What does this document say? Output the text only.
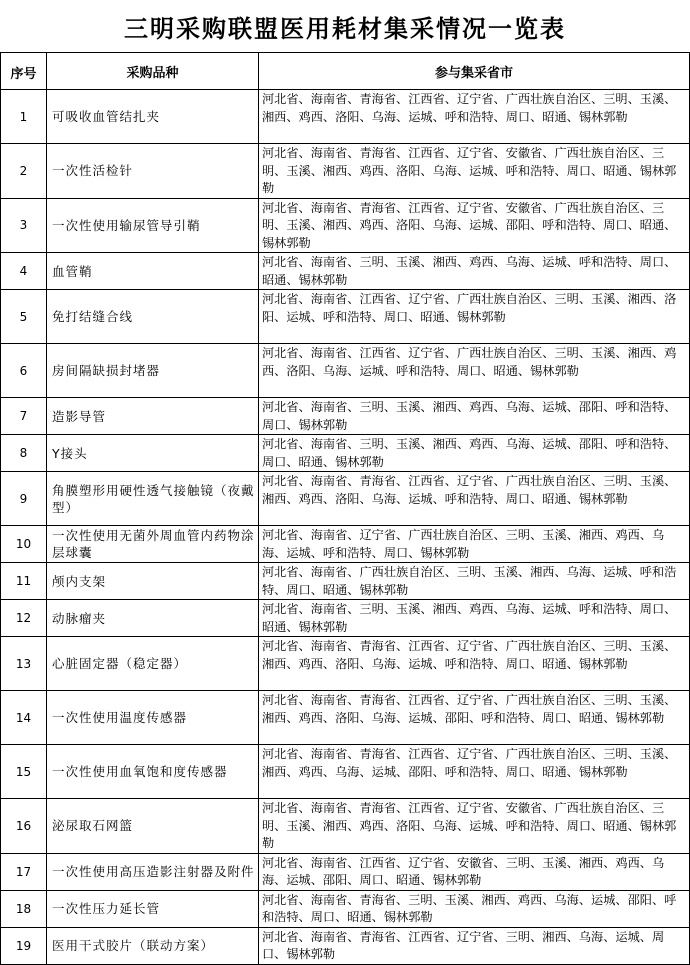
三明采购联盟医用耗材集采情况一览表
序号	采购品种	参与集采省市
1	可吸收血管结扎夹	河北省、海南省、青海省、江西省、辽宁省、广西壮族自治区、三明、玉溪、湘西、鸡西、洛阳、乌海、运城、呼和浩特、周口、昭通、锡林郭勒
2	一次性活检针	河北省、海南省、青海省、江西省、辽宁省、安徽省、广西壮族自治区、三明、玉溪、湘西、鸡西、洛阳、乌海、运城、呼和浩特、周口、昭通、锡林郭勒
3	一次性使用输尿管导引鞘	河北省、海南省、青海省、江西省、辽宁省、安徽省、广西壮族自治区、三明、玉溪、湘西、鸡西、洛阳、乌海、运城、邵阳、呼和浩特、周口、昭通、锡林郭勒
4	血管鞘	河北省、海南省、三明、玉溪、湘西、鸡西、乌海、运城、呼和浩特、周口、昭通、锡林郭勒
5	免打结缝合线	河北省、海南省、江西省、辽宁省、广西壮族自治区、三明、玉溪、湘西、洛阳、运城、呼和浩特、周口、昭通、锡林郭勒
6	房间隔缺损封堵器	河北省、海南省、江西省、辽宁省、广西壮族自治区、三明、玉溪、湘西、鸡西、洛阳、乌海、运城、呼和浩特、周口、昭通、锡林郭勒
7	造影导管	河北省、海南省、三明、玉溪、湘西、鸡西、乌海、运城、邵阳、呼和浩特、周口、锡林郭勒
8	Y接头	河北省、海南省、三明、玉溪、湘西、鸡西、乌海、运城、邵阳、呼和浩特、周口、昭通、锡林郭勒
9	角膜塑形用硬性透气接触镜（夜戴型）	河北省、海南省、青海省、江西省、辽宁省、广西壮族自治区、三明、玉溪、湘西、鸡西、洛阳、乌海、运城、呼和浩特、周口、昭通、锡林郭勒
10	一次性使用无菌外周血管内药物涂层球囊	河北省、海南省、辽宁省、广西壮族自治区、三明、玉溪、湘西、鸡西、乌海、运城、呼和浩特、周口、锡林郭勒
11	颅内支架	河北省、海南省、广西壮族自治区、三明、玉溪、湘西、乌海、运城、呼和浩特、周口、昭通、锡林郭勒
12	动脉瘤夹	河北省、海南省、三明、玉溪、湘西、鸡西、乌海、运城、呼和浩特、周口、昭通、锡林郭勒
13	心脏固定器（稳定器）	河北省、海南省、青海省、江西省、辽宁省、广西壮族自治区、三明、玉溪、湘西、鸡西、洛阳、乌海、运城、呼和浩特、周口、昭通、锡林郭勒
14	一次性使用温度传感器	河北省、海南省、青海省、江西省、辽宁省、广西壮族自治区、三明、玉溪、湘西、鸡西、洛阳、乌海、运城、邵阳、呼和浩特、周口、昭通、锡林郭勒
15	一次性使用血氧饱和度传感器	河北省、海南省、青海省、江西省、辽宁省、广西壮族自治区、三明、玉溪、湘西、鸡西、乌海、运城、邵阳、呼和浩特、周口、昭通、锡林郭勒
16	泌尿取石网篮	河北省、海南省、青海省、江西省、辽宁省、安徽省、广西壮族自治区、三明、玉溪、湘西、鸡西、洛阳、乌海、运城、呼和浩特、周口、昭通、锡林郭勒
17	一次性使用高压造影注射器及附件	河北省、海南省、江西省、辽宁省、安徽省、三明、玉溪、湘西、鸡西、乌海、运城、邵阳、周口、昭通、锡林郭勒
18	一次性压力延长管	河北省、海南省、青海省、三明、玉溪、湘西、鸡西、乌海、运城、邵阳、呼和浩特、周口、昭通、锡林郭勒
19	医用干式胶片（联动方案）	河北省、海南省、青海省、江西省、辽宁省、三明、湘西、乌海、运城、周口、锡林郭勒
